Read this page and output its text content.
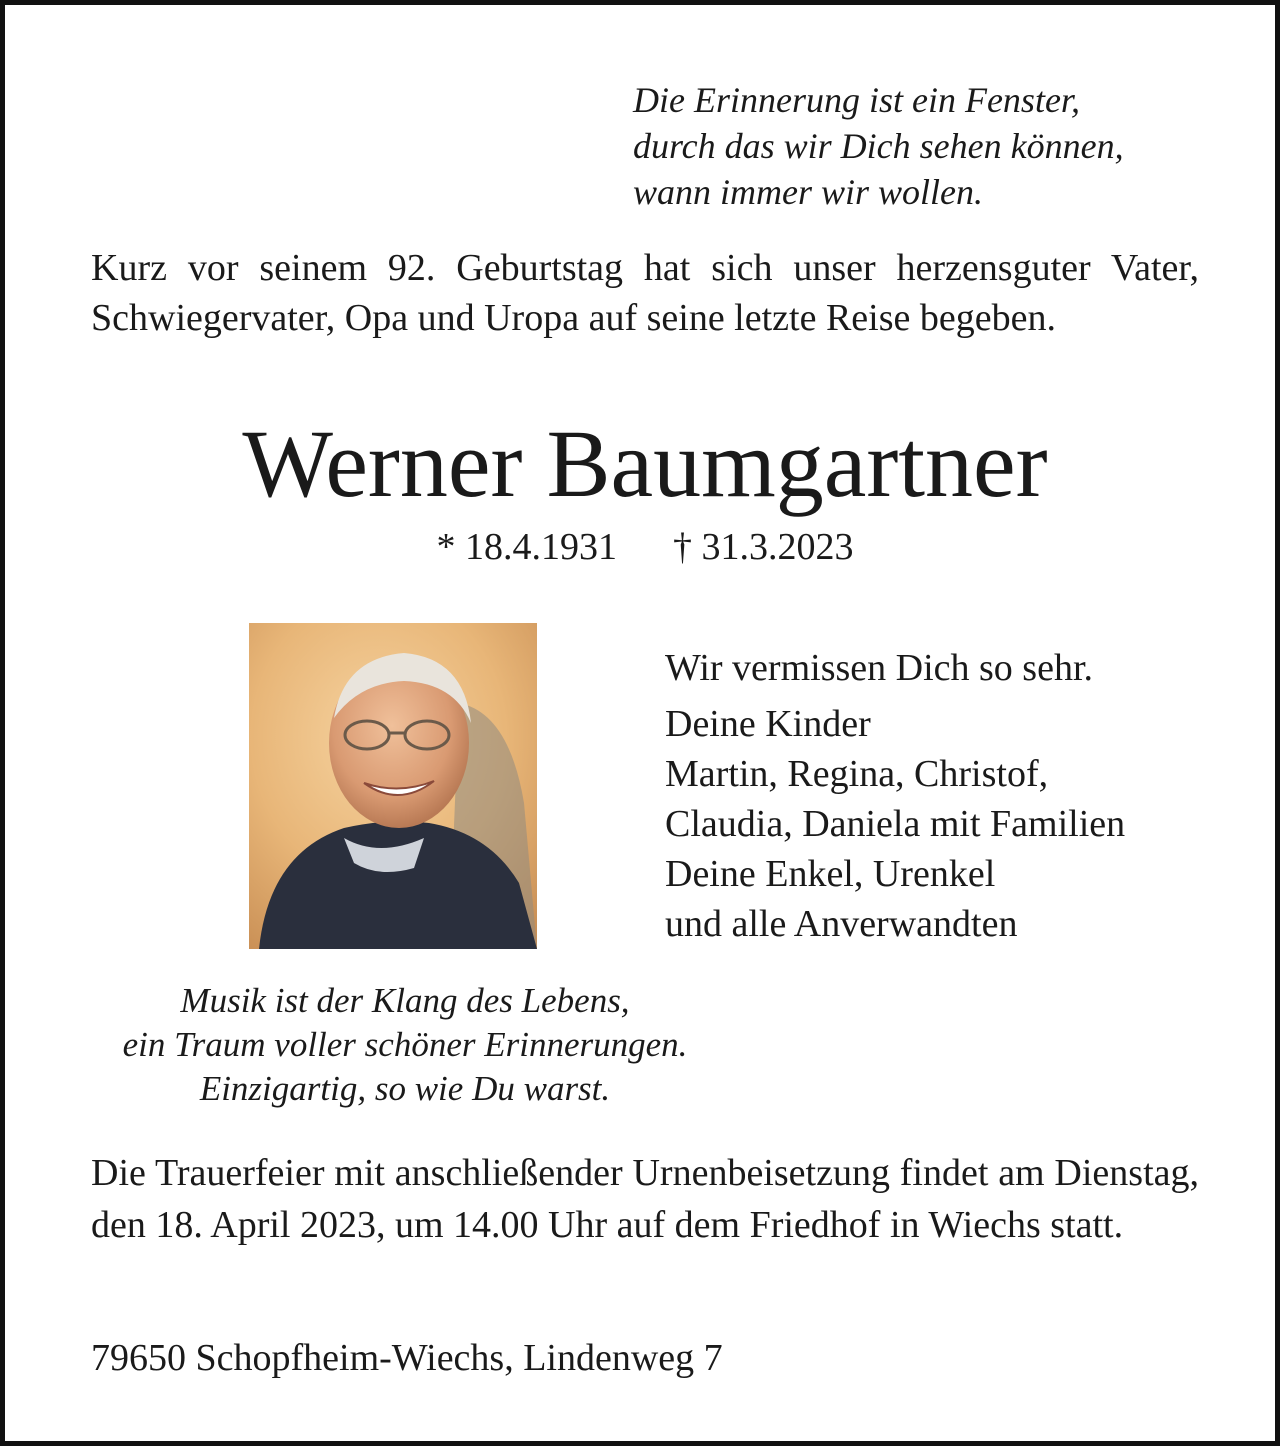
Die Erinnerung ist ein Fenster,
durch das wir Dich sehen können,
wann immer wir wollen.
Kurz vor seinem 92. Geburtstag hat sich unser herzensguter Vater, Schwiegervater, Opa und Uropa auf seine letzte Reise begeben.
Werner Baumgartner
* 18.4.1931 † 31.3.2023
Wir vermissen Dich so sehr.
Deine Kinder
Martin, Regina, Christof,
Claudia, Daniela mit Familien
Deine Enkel, Urenkel
und alle Anverwandten
Musik ist der Klang des Lebens,
ein Traum voller schöner Erinnerungen.
Einzigartig, so wie Du warst.
Die Trauerfeier mit anschließender Urnenbeisetzung findet am Dienstag, den 18. April 2023, um 14.00 Uhr auf dem Friedhof in Wiechs statt.
79650 Schopfheim-Wiechs, Lindenweg 7
